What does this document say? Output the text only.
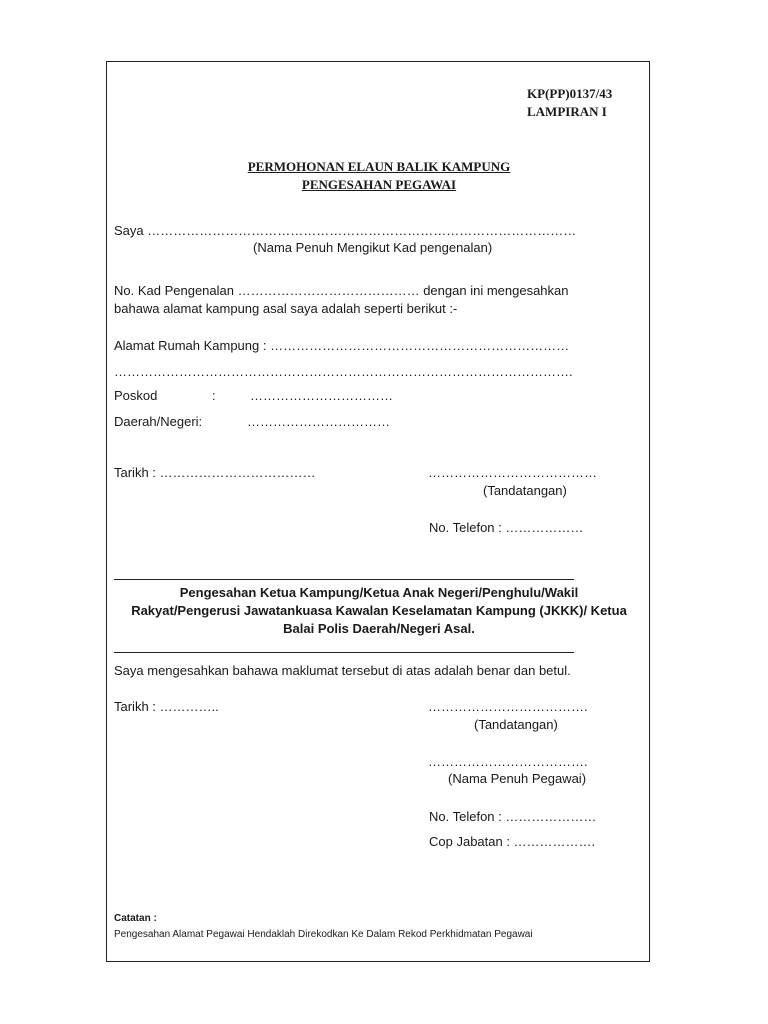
KP(PP)0137/43
LAMPIRAN I
PERMOHONAN ELAUN BALIK KAMPUNG
PENGESAHAN PEGAWAI
Saya ………………………………………………………………………………………
(Nama Penuh Mengikut Kad pengenalan)
No. Kad Pengenalan …………………………………… dengan ini mengesahkan
bahawa alamat kampung asal saya adalah seperti berikut :-
Alamat Rumah Kampung : ……………………………………………………………
…………………………………………………………………………………………….
Poskod	:	……………………………
Daerah/Negeri:	……………………………
Tarikh : ………………………………	…………………………………
(Tandatangan)
No. Telefon : ………………
Pengesahan Ketua Kampung/Ketua Anak Negeri/Penghulu/Wakil
Rakyat/Pengerusi Jawatankuasa Kawalan Keselamatan Kampung (JKKK)/ Ketua
Balai Polis Daerah/Negeri Asal.
Saya mengesahkan bahawa maklumat tersebut di atas adalah benar dan betul.
Tarikh : …………..	……………………………….
(Tandatangan)
……………………………….
(Nama Penuh Pegawai)
No. Telefon : …………………
Cop Jabatan : ……………….
Catatan :
Pengesahan Alamat Pegawai Hendaklah Direkodkan Ke Dalam Rekod Perkhidmatan Pegawai
